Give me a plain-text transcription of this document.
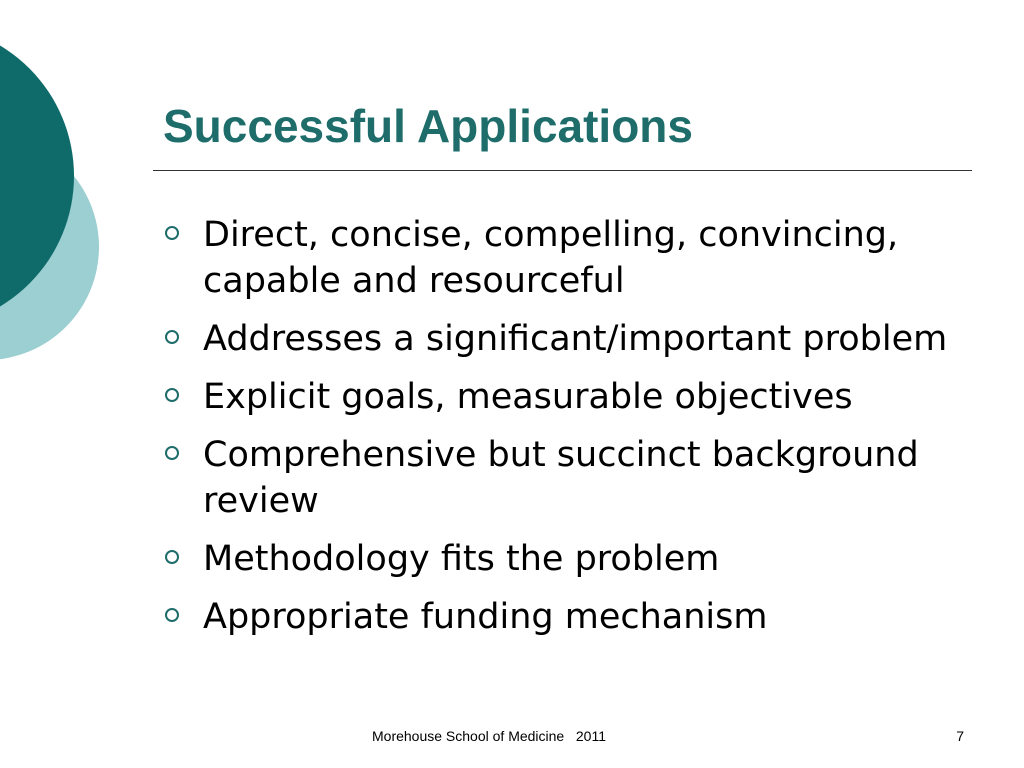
Successful Applications
Direct, concise, compelling, convincing, capable and resourceful
Addresses a significant/important problem
Explicit goals, measurable objectives
Comprehensive but succinct background review
Methodology fits the problem
Appropriate funding mechanism
Morehouse School of Medicine   2011	7
